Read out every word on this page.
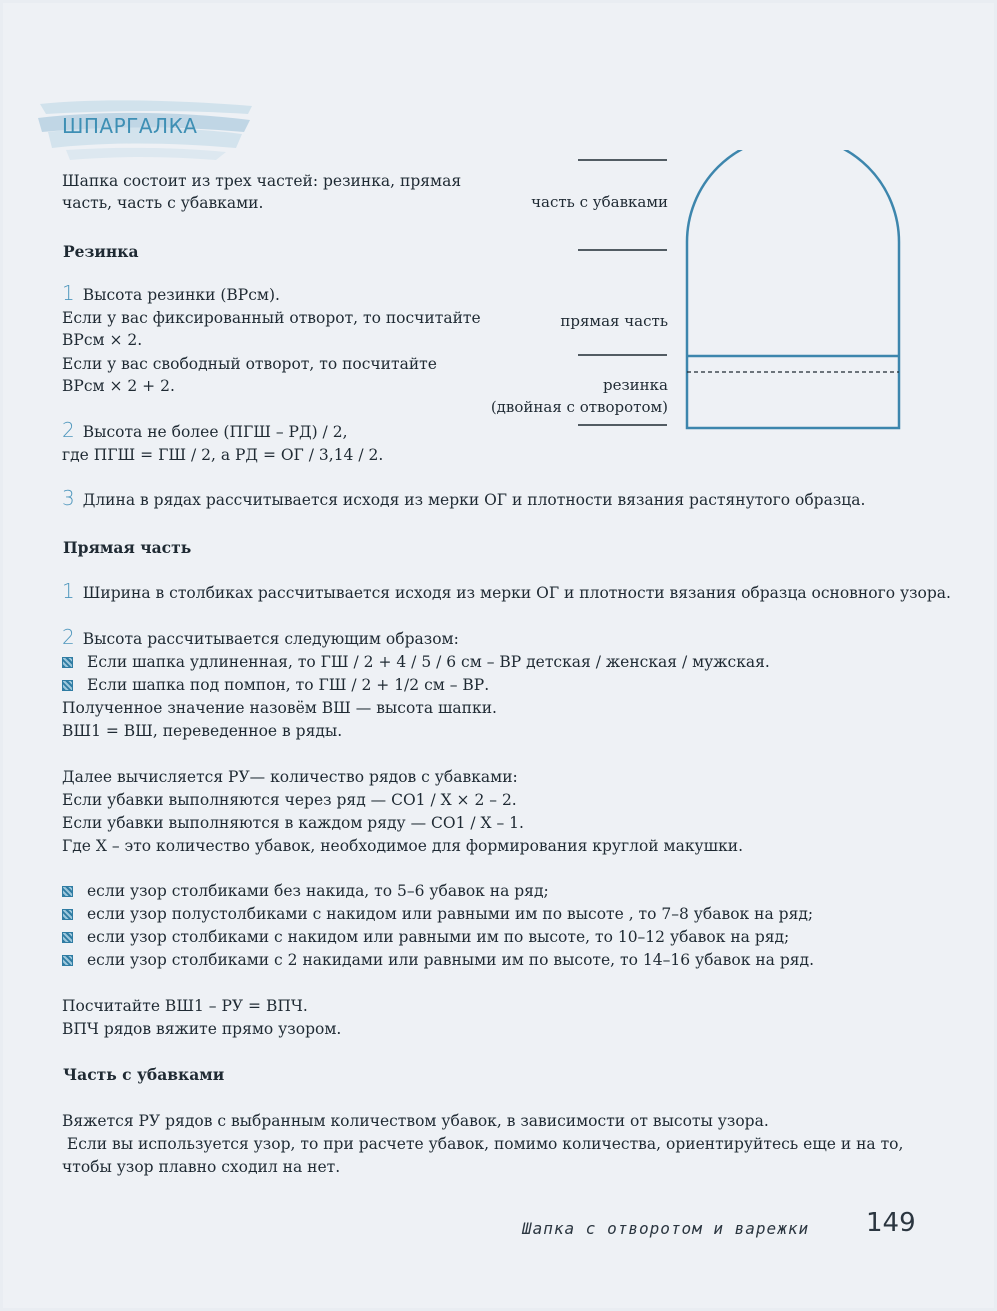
ШПАРГАЛКА
Шапка состоит из трех частей: резинка, прямая
часть, часть с убавками.	часть с убавками
прямая часть
резинка
(двойная с отворотом)
Резинка
1 Высота резинки (ВРсм).
Если у вас фиксированный отворот, то посчитайте
ВРсм × 2.
Если у вас свободный отворот, то посчитайте
ВРсм × 2 + 2.
2 Высота не более (ПГШ – РД) / 2,
где ПГШ = ГШ / 2, а РД = ОГ / 3,14 / 2.
3 Длина в рядах рассчитывается исходя из мерки ОГ и плотности вязания растянутого образца.
Прямая часть
1 Ширина в столбиках рассчитывается исходя из мерки ОГ и плотности вязания образца основного узора.
2 Высота рассчитывается следующим образом:
Если шапка удлиненная, то ГШ / 2 + 4 / 5 / 6 см – ВР детская / женская / мужская.
Если шапка под помпон, то ГШ / 2 + 1/2 см – ВР.
Полученное значение назовём ВШ — высота шапки.
ВШ1 = ВШ, переведенное в ряды.
Далее вычисляется РУ— количество рядов с убавками:
Если убавки выполняются через ряд — СО1 / Х × 2 – 2.
Если убавки выполняются в каждом ряду — СО1 / Х – 1.
Где Х – это количество убавок, необходимое для формирования круглой макушки.
если узор столбиками без накида, то 5–6 убавок на ряд;
если узор полустолбиками с накидом или равными им по высоте , то 7–8 убавок на ряд;
если узор столбиками с накидом или равными им по высоте, то 10–12 убавок на ряд;
если узор столбиками с 2 накидами или равными им по высоте, то 14–16 убавок на ряд.
Посчитайте ВШ1 – РУ = ВПЧ.
ВПЧ рядов вяжите прямо узором.
Часть с убавками
Вяжется РУ рядов с выбранным количеством убавок, в зависимости от высоты узора.
Если вы используется узор, то при расчете убавок, помимо количества, ориентируйтесь еще и на то,
чтобы узор плавно сходил на нет.
Шапка с отворотом и варежки 149
